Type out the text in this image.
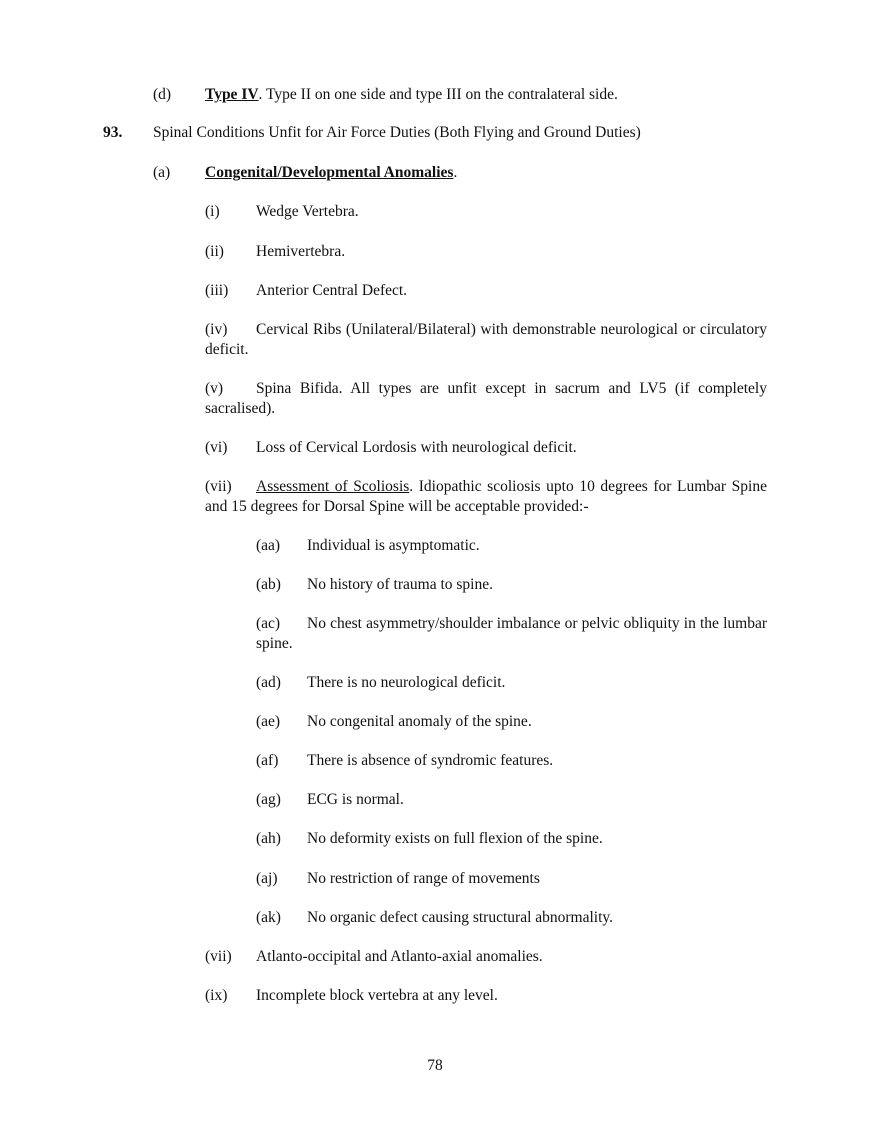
(d) Type IV. Type II on one side and type III on the contralateral side.
93. Spinal Conditions Unfit for Air Force Duties (Both Flying and Ground Duties)
(a) Congenital/Developmental Anomalies.
(i) Wedge Vertebra.
(ii) Hemivertebra.
(iii) Anterior Central Defect.
(iv) Cervical Ribs (Unilateral/Bilateral) with demonstrable neurological or circulatory deficit.
(v) Spina Bifida. All types are unfit except in sacrum and LV5 (if completely sacralised).
(vi) Loss of Cervical Lordosis with neurological deficit.
(vii) Assessment of Scoliosis. Idiopathic scoliosis upto 10 degrees for Lumbar Spine and 15 degrees for Dorsal Spine will be acceptable provided:-
(aa) Individual is asymptomatic.
(ab) No history of trauma to spine.
(ac) No chest asymmetry/shoulder imbalance or pelvic obliquity in the lumbar spine.
(ad) There is no neurological deficit.
(ae) No congenital anomaly of the spine.
(af) There is absence of syndromic features.
(ag) ECG is normal.
(ah) No deformity exists on full flexion of the spine.
(aj) No restriction of range of movements
(ak) No organic defect causing structural abnormality.
(vii) Atlanto-occipital and Atlanto-axial anomalies.
(ix) Incomplete block vertebra at any level.
78
